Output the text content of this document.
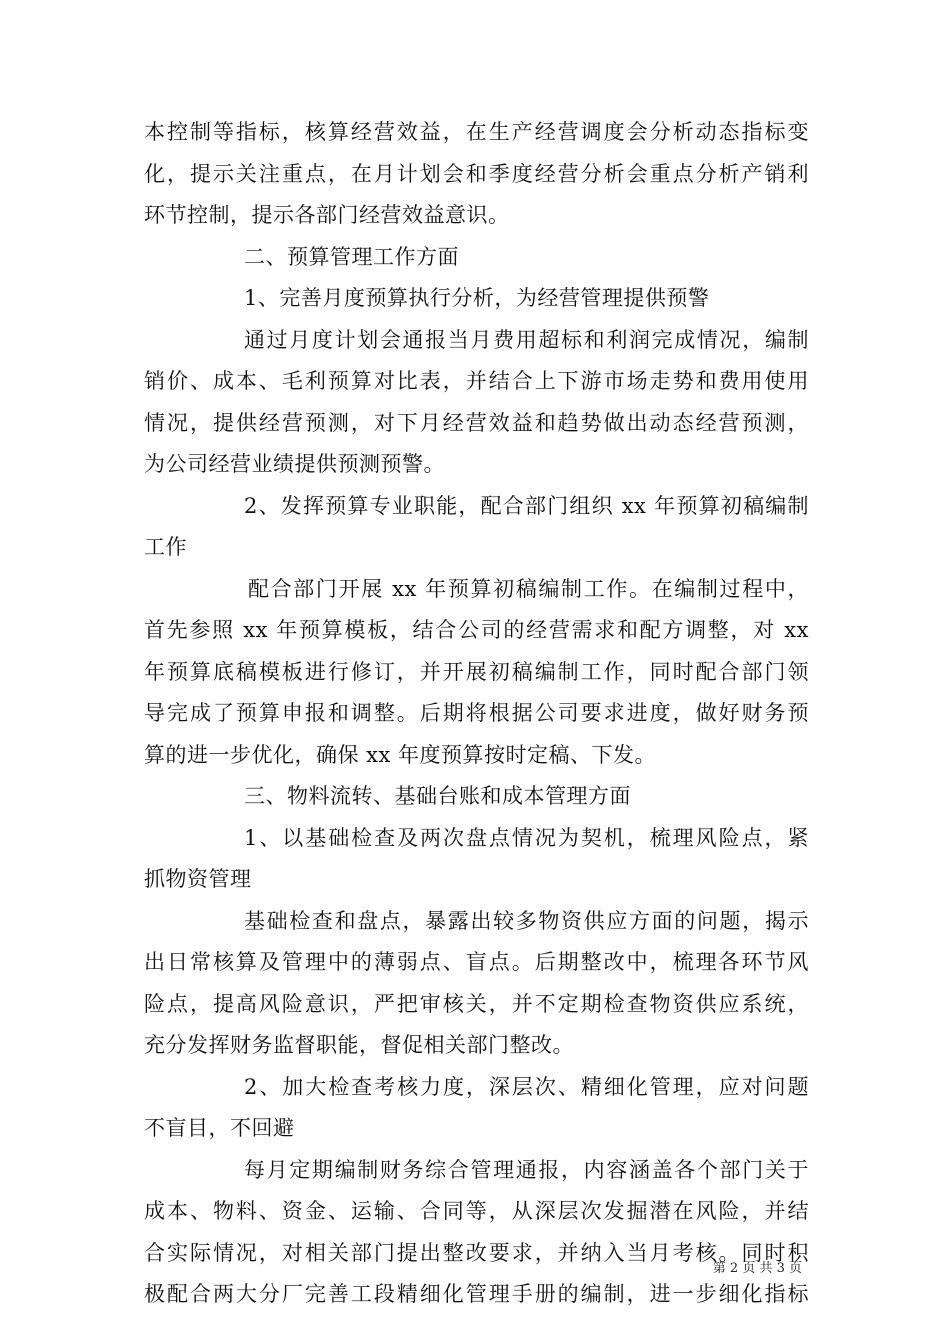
本控制等指标，核算经营效益，在生产经营调度会分析动态指标变
化，提示关注重点，在月计划会和季度经营分析会重点分析产销利
环节控制，提示各部门经营效益意识。
二、预算管理工作方面
1、完善月度预算执行分析，为经营管理提供预警
通过月度计划会通报当月费用超标和利润完成情况，编制
销价、成本、毛利预算对比表，并结合上下游市场走势和费用使用
情况，提供经营预测，对下月经营效益和趋势做出动态经营预测，
为公司经营业绩提供预测预警。
2、发挥预算专业职能，配合部门组织 xx 年预算初稿编制
工作
配合部门开展 xx 年预算初稿编制工作。在编制过程中，
首先参照 xx 年预算模板，结合公司的经营需求和配方调整，对 xx
年预算底稿模板进行修订，并开展初稿编制工作，同时配合部门领
导完成了预算申报和调整。后期将根据公司要求进度，做好财务预
算的进一步优化，确保 xx 年度预算按时定稿、下发。
三、物料流转、基础台账和成本管理方面
1、以基础检查及两次盘点情况为契机，梳理风险点，紧
抓物资管理
基础检查和盘点，暴露出较多物资供应方面的问题，揭示
出日常核算及管理中的薄弱点、盲点。后期整改中，梳理各环节风
险点，提高风险意识，严把审核关，并不定期检查物资供应系统，
充分发挥财务监督职能，督促相关部门整改。
2、加大检查考核力度，深层次、精细化管理，应对问题
不盲目，不回避
每月定期编制财务综合管理通报，内容涵盖各个部门关于
成本、物料、资金、运输、合同等，从深层次发掘潜在风险，并结
合实际情况，对相关部门提出整改要求，并纳入当月考核。同时积
极配合两大分厂完善工段精细化管理手册的编制，进一步细化指标
第 2 页 共 3 页
